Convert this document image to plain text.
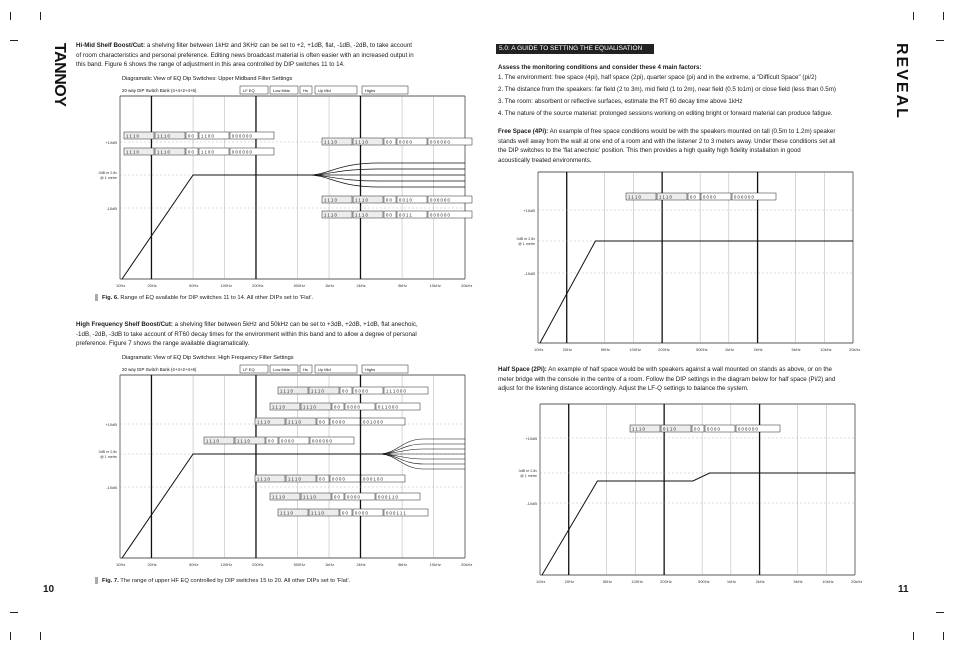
TANNOY	REVEAL
Hi-Mid Shelf Boost/Cut: a shelving filter between 1kHz and 3KHz can be set to +2, +1dB, flat, -1dB, -2dB, to take account
of room characteristics and personal preference. Editing news broadcast material is often easier with an increased output in
this band. Figure 6 shows the range of adjustment in this area controlled by DIP switches 11 to 14.
Diagramatic View of EQ Dip Switches: Upper Midband Filter Settings
20 way DIP Switch Bank (4+4+2+4+6)	LF EQ	Low Mids	Hs	Up Mid	Highs
10Hz	20Hz	50Hz	100Hz	200Hz	500Hz	1kHz	2kHz	5kHz	10kHz	20kHz
+10dB
0dB re 2.8v
@ 1 metre
-10dB
1 1 1 0	1 1 1 0	0 0 1 1 0 0	0 0 0 0 0 0
1 1 1 0	1 1 1 0	0 0 1 1 0 0	0 0 0 0 0 0
1 1 1 0	1 1 1 0	0 0 0 0 0 0	0 0 0 0 0 0
1 1 1 0	1 1 1 0	0 0 0 0 1 0	0 0 0 0 0 0
1 1 1 0	1 1 1 0	0 0 0 0 1 1	0 0 0 0 0 0
Fig. 6. Range of EQ available for DIP switches 11 to 14. All other DIPs set to 'Flat'.
High Frequency Shelf Boost/Cut: a shelving filter between 5kHz and 50kHz can be set to +3dB, +2dB, +1dB, flat anechoic,
-1dB, -2dB, -3dB to take account of RT60 decay times for the environment within this band and to allow a degree of personal
preference. Figure 7 shows the range available diagramatically.
Diagramatic View of EQ Dip Switches: High Frequency Filter Settings
20 way DIP Switch Bank (4+4+2+4+6)	LF EQ	Low Mids	Hs	Up Mid	Highs
10Hz	20Hz	50Hz	100Hz	200Hz	500Hz	1kHz	2kHz	5kHz	10kHz	20kHz
+10dB
0dB re 2.8v
@ 1 metre
-10dB
1 1 1 0	1 1 1 0	0 0 0 0 0 0	1 1 1 0 0 0
1 1 1 0	1 1 1 0	0 0 0 0 0 0	0 1 1 0 0 0
1 1 1 0	1 1 1 0	0 0 0 0 0 0	0 0 1 0 0 0
1 1 1 0	1 1 1 0	0 0 0 0 0 0	0 0 0 0 0 0
1 1 1 0	1 1 1 0	0 0 0 0 0 0	0 0 0 1 0 0
1 1 1 0	1 1 1 0	0 0 0 0 0 0	0 0 0 1 1 0
1 1 1 0	1 1 1 0	0 0 0 0 0 0	0 0 0 1 1 1
Fig. 7. The range of upper HF EQ controlled by DIP switches 15 to 20. All other DIPs set to 'Flat'.
10
5.0: A GUIDE TO SETTING THE EQUALISATION
Assess the monitoring conditions and consider these 4 main factors:
1. The environment: free space (4pi), half space (2pi), quarter space (pi) and in the extreme, a "Difficult Space" (pi/2)
2. The distance from the speakers: far field (2 to 3m), mid field (1 to 2m), near field (0.5 to1m) or close field (less than 0.5m)
3. The room: absorbent or reflective surfaces, estimate the RT 60 decay time above 1kHz
4. The nature of the source material: prolonged sessions working on editing bright or forward material can produce fatigue.
Free Space (4Pi): An example of free space conditions would be with the speakers mounted on tall (0.5m to 1.2m) speaker
stands well away from the wall at one end of a room and with the listener 2 to 3 meters away. Under these conditions set all
the DIP switches to the 'flat anechoic' position. This then provides a high quality high fidelity installation in good
acoustically treated environments.
10Hz	20Hz	50Hz	100Hz	200Hz	500Hz	1kHz	2kHz	5kHz	10kHz	20kHz
+10dB
0dB re 2.8v
@ 1 metre
-10dB
1 1 1 0	1 1 1 0	0 0 0 0 0 0	0 0 0 0 0 0
Half Space (2Pi): An example of half space would be with speakers against a wall mounted on stands as above, or on the
meter bridge with the console in the centre of a room. Follow the DIP settings in the diagram below for half space (Pi/2) and
adjust for the listening distance accordingly. Adjust the LF-Q settings to balance the system.
10Hz	20Hz	50Hz	100Hz	200Hz	500Hz	1kHz	2kHz	5kHz	10kHz	20kHz
+10dB
0dB re 2.8v
@ 1 metre
-10dB
1 1 1 0	0 1 1 0	0 0 0 0 0 0	0 0 0 0 0 0
11
